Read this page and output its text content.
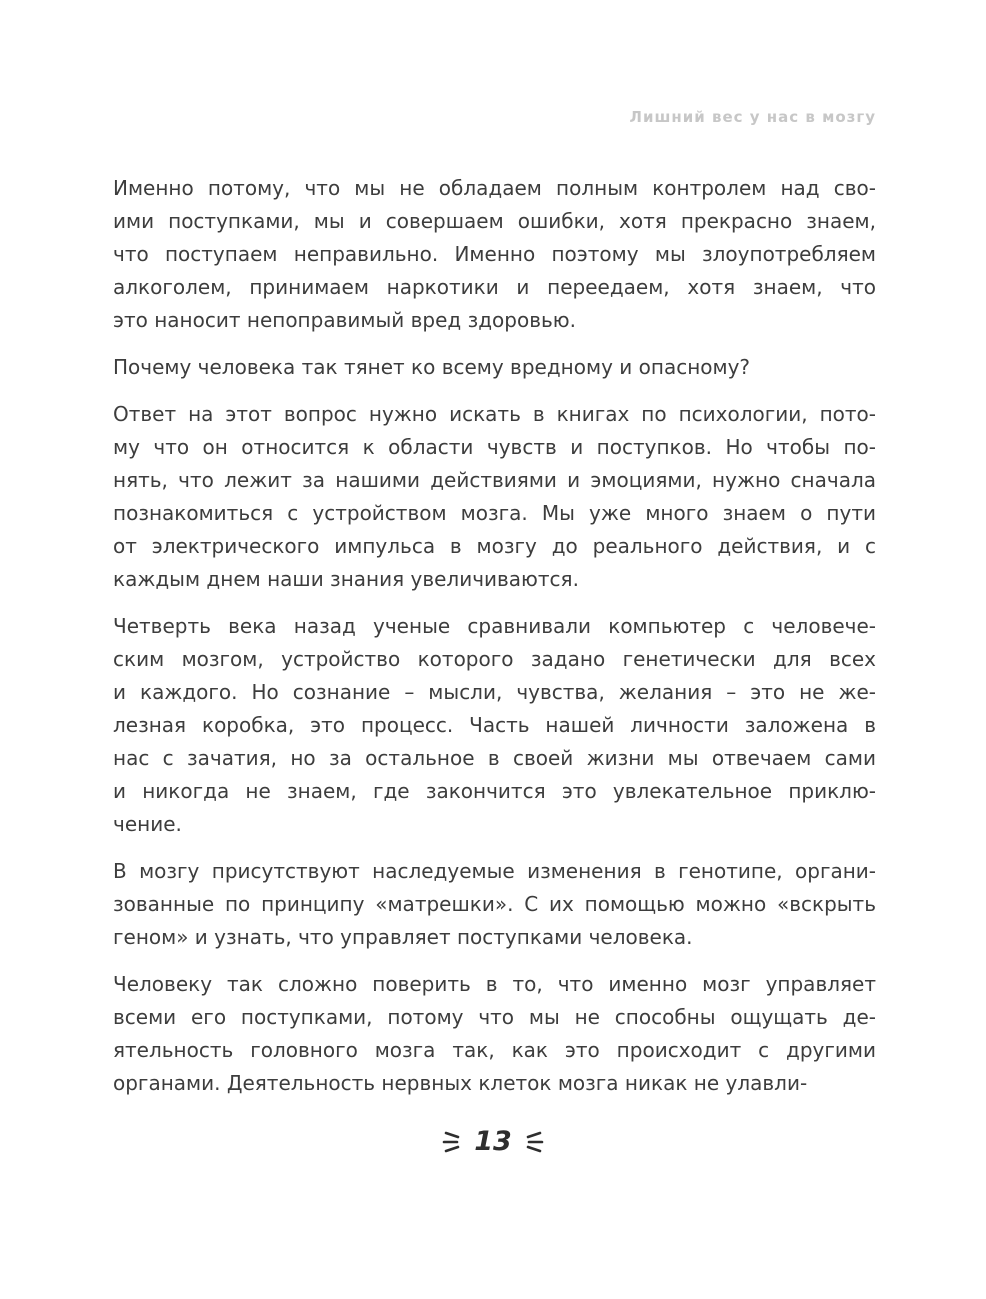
Лишний вес у нас в мозгу
Именно потому, что мы не обладаем полным контролем над сво-
ими поступками, мы и совершаем ошибки, хотя прекрасно знаем,
что поступаем неправильно. Именно поэтому мы злоупотребляем
алкоголем, принимаем наркотики и переедаем, хотя знаем, что
это наносит непоправимый вред здоровью.
Почему человека так тянет ко всему вредному и опасному?
Ответ на этот вопрос нужно искать в книгах по психологии, пото-
му что он относится к области чувств и поступков. Но чтобы по-
нять, что лежит за нашими действиями и эмоциями, нужно сначала
познакомиться с устройством мозга. Мы уже много знаем о пути
от электрического импульса в мозгу до реального действия, и с
каждым днем наши знания увеличиваются.
Четверть века назад ученые сравнивали компьютер с человече-
ским мозгом, устройство которого задано генетически для всех
и каждого. Но сознание – мысли, чувства, желания – это не же-
лезная коробка, это процесс. Часть нашей личности заложена в
нас с зачатия, но за остальное в своей жизни мы отвечаем сами
и никогда не знаем, где закончится это увлекательное приклю-
чение.
В мозгу присутствуют наследуемые изменения в генотипе, органи-
зованные по принципу «матрешки». С их помощью можно «вскрыть
геном» и узнать, что управляет поступками человека.
Человеку так сложно поверить в то, что именно мозг управляет
всеми его поступками, потому что мы не способны ощущать де-
ятельность головного мозга так, как это происходит с другими
органами. Деятельность нервных клеток мозга никак не улавли-
13
